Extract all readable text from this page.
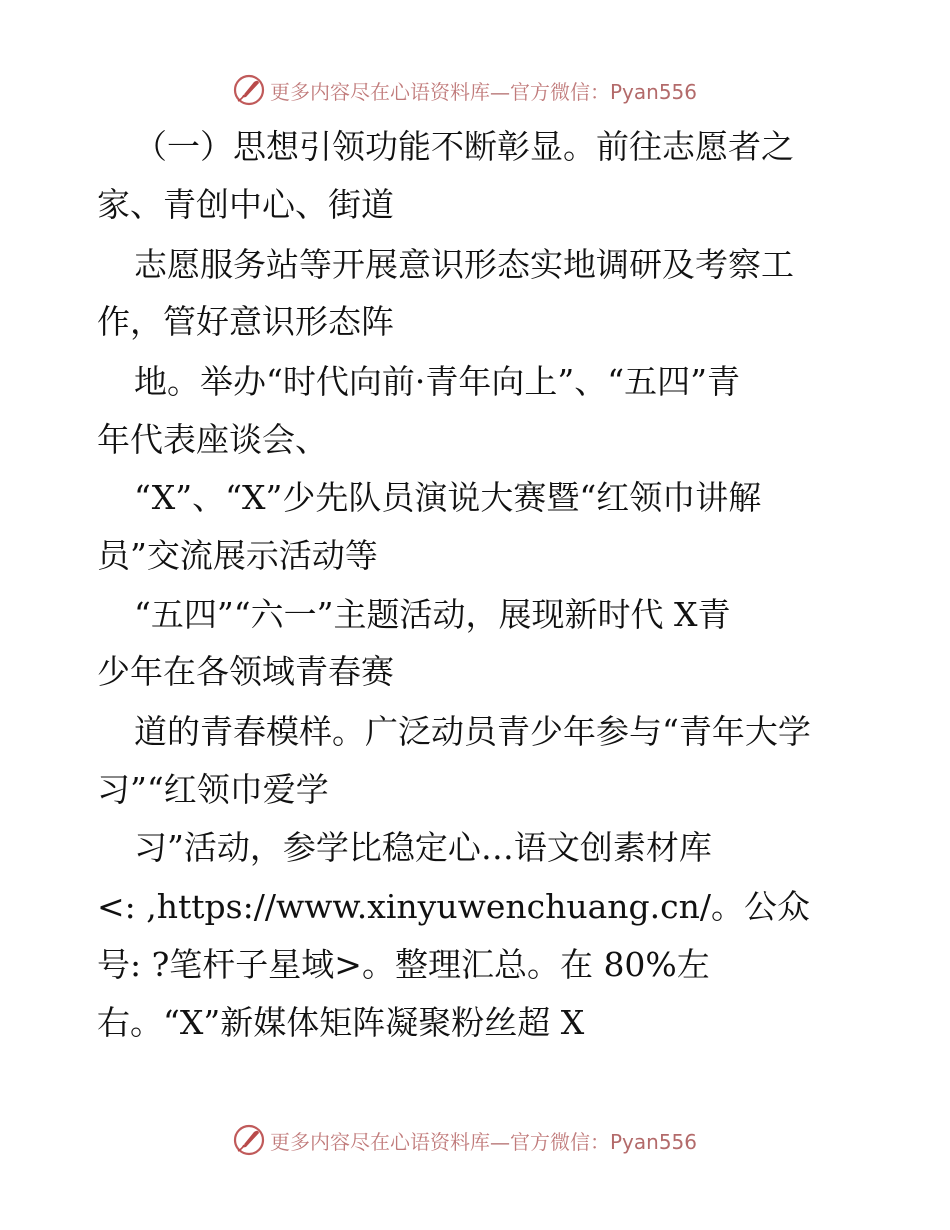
更多内容尽在心语资料库—官方微信：Pyan556
（一）思想引领功能不断彰显。前往志愿者之
家、青创中心、街道
志愿服务站等开展意识形态实地调研及考察工
作，管好意识形态阵
地。举办“时代向前·青年向上”、“五四”青
年代表座谈会、
“X”、“X”少先队员演说大赛暨“红领巾讲解
员”交流展示活动等
“五四”“六一”主题活动，展现新时代 X青
少年在各领域青春赛
道的青春模样。广泛动员青少年参与“青年大学
习”“红领巾爱学
习”活动，参学比稳定心…语文创素材库
<: ,https://www.xinyuwenchuang.cn/。公众
号: ?笔杆子星域>。整理汇总。在 80%左
右。“X”新媒体矩阵凝聚粉丝超 X
更多内容尽在心语资料库—官方微信：Pyan556
